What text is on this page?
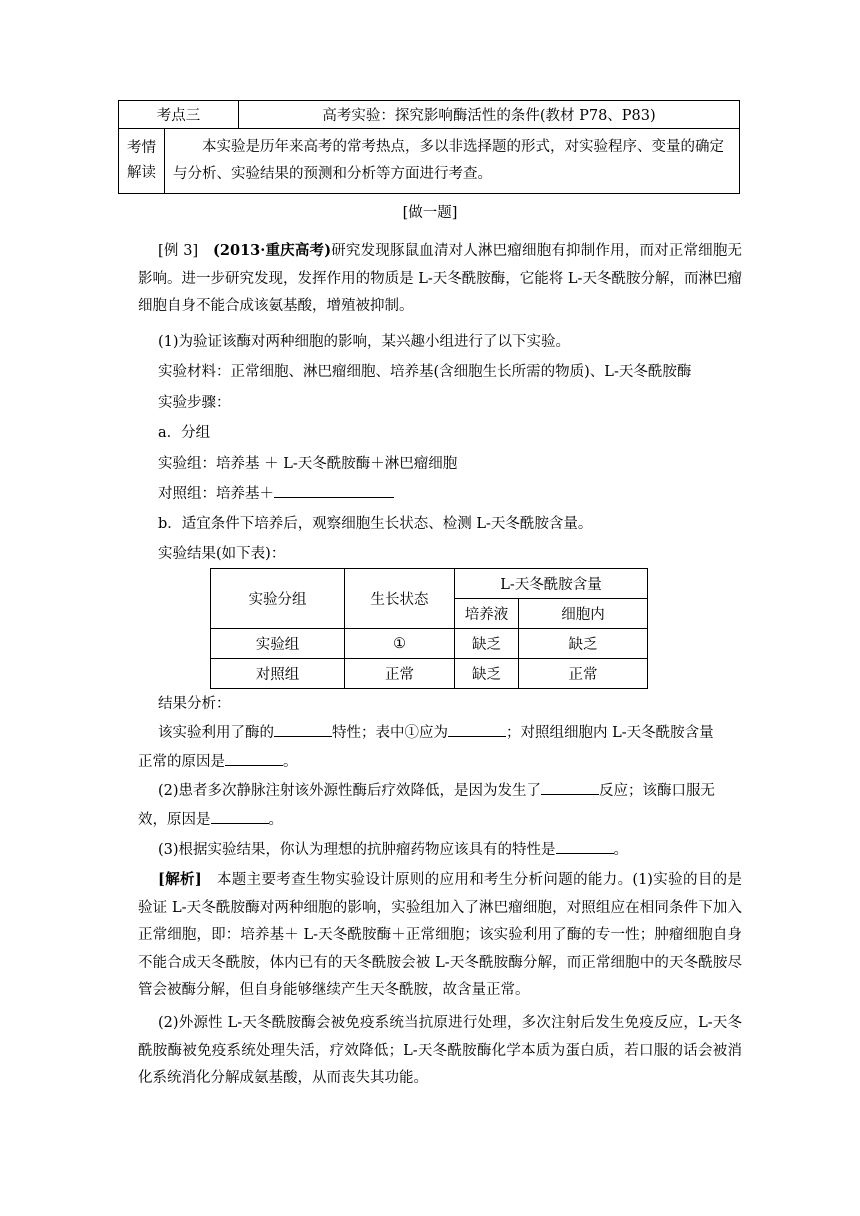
考点三		高考实验：探究影响酶活性的条件(教材 P78、P83)

考情
解读	本实验是历年来高考的常考热点，多以非选择题的形式，对实验程序、变量的确定与分析、实验结果的预测和分析等方面进行考查。	
[做一题]

[例 3]　 (2013·重庆高考)研究发现豚鼠血清对人淋巴瘤细胞有抑制作用，而对正常细胞无影响。进一步研究发现，发挥作用的物质是 L-天冬酰胺酶，它能将 L-天冬酰胺分解，而淋巴瘤细胞自身不能合成该氨基酸，增殖被抑制。

(1)为验证该酶对两种细胞的影响，某兴趣小组进行了以下实验。
实验材料：正常细胞、淋巴瘤细胞、培养基(含细胞生长所需的物质)、L-天冬酰胺酶
实验步骤：
a．分组
实验组：培养基 ＋ L-天冬酰胺酶＋淋巴瘤细胞
对照组：培养基＋
b．适宜条件下培养后，观察细胞生长状态、检测 L-天冬酰胺含量。
实验结果(如下表)：
实验分组	生长状态	L-天冬酰胺含量	
		培养液	细胞内
实验组	①	缺乏	缺乏
对照组	正常	缺乏	正常
结果分析：
该实验利用了酶的	特性；表中①应为	；对照组细胞内 L-天冬酰胺含量
正常的原因是	。
(2)患者多次静脉注射该外源性酶后疗效降低，是因为发生了	反应；该酶口服无
效，原因是	。
(3)根据实验结果，你认为理想的抗肿瘤药物应该具有的特性是	。

[解析]　 本题主要考查生物实验设计原则的应用和考生分析问题的能力。(1)实验的目的是验证 L-天冬酰胺酶对两种细胞的影响，实验组加入了淋巴瘤细胞，对照组应在相同条件下加入正常细胞，即：培养基＋ L-天冬酰胺酶＋正常细胞；该实验利用了酶的专一性；肿瘤细胞自身不能合成天冬酰胺，体内已有的天冬酰胺会被 L-天冬酰胺酶分解，而正常细胞中的天冬酰胺尽管会被酶分解，但自身能够继续产生天冬酰胺，故含量正常。

(2)外源性 L-天冬酰胺酶会被免疫系统当抗原进行处理，多次注射后发生免疫反应，L-天冬酰胺酶被免疫系统处理失活，疗效降低；L-天冬酰胺酶化学本质为蛋白质，若口服的话会被消化系统消化分解成氨基酸，从而丧失其功能。
